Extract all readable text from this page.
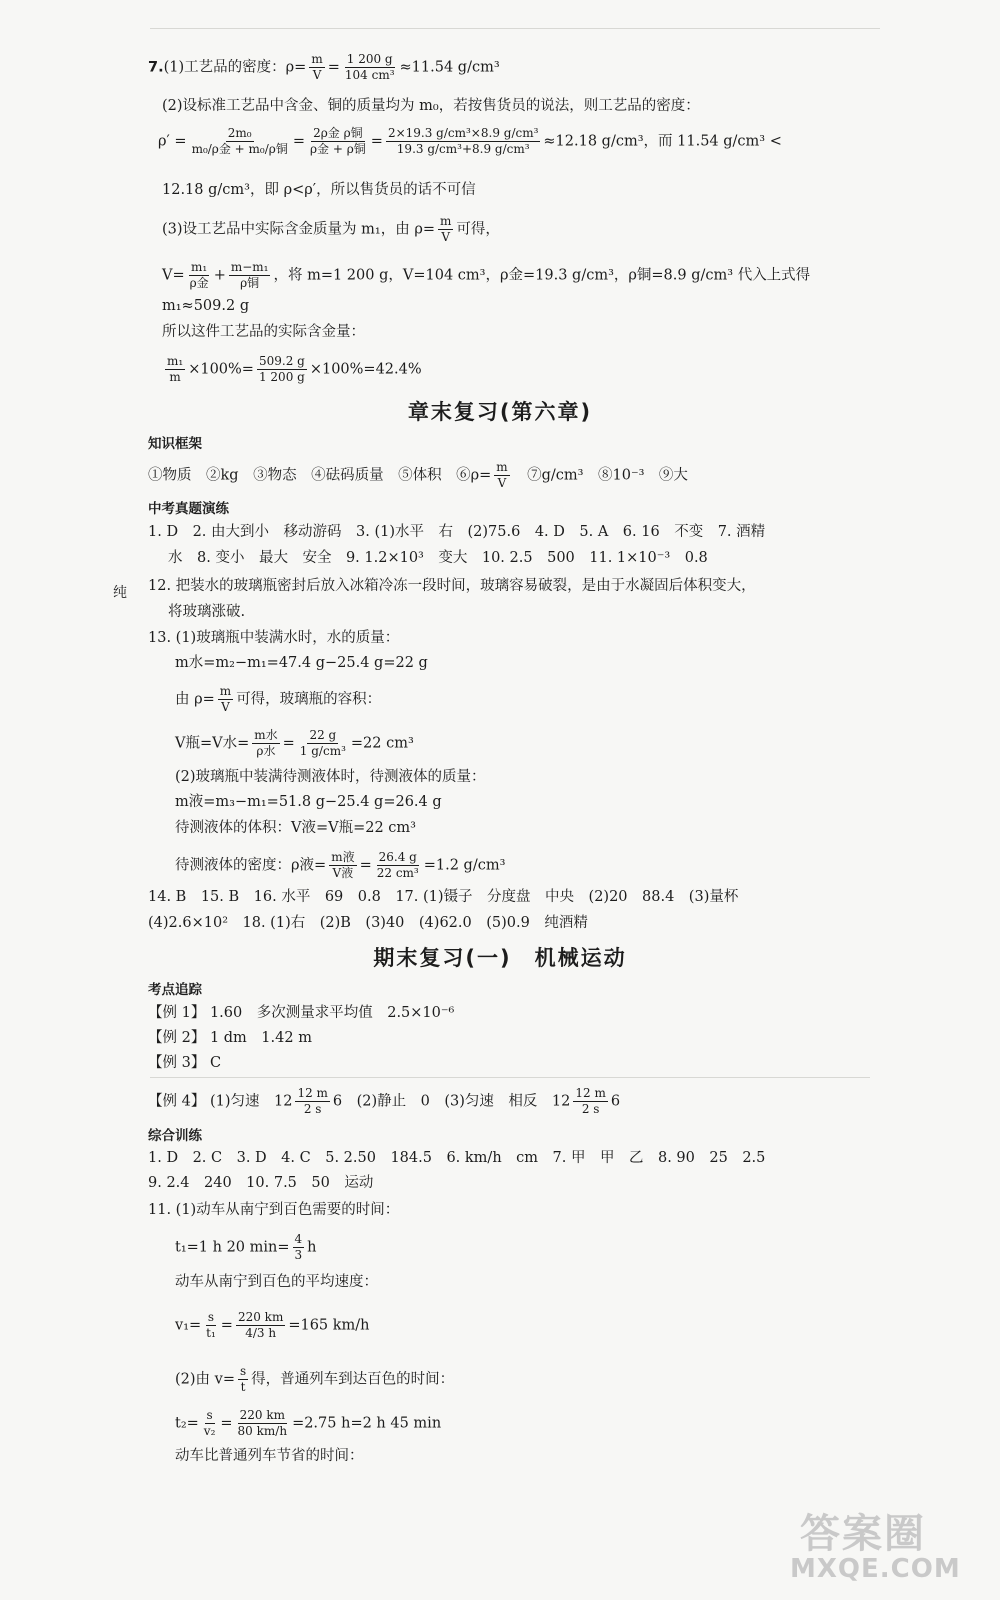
7.(1)工艺品的密度：$\rho= \frac{m}{V} = \frac{1 200 g}{\text{104 cm³}} \approx 11.54$ g/cm³
(2)设标准工艺品中含金、铜的质量均为 m₀，若按售货员的说法，则工艺品的密度：
$\rho' = \frac{\text{2m₀}}{\text{m₀/ρ金 + m₀/ρ铜}} = \frac{\text{2ρ金 ρ铜}}{\text{ρ金 + ρ铜}} = \frac{\text{2×19.3 g/cm³×8.9 g/cm³}}{\text{19.3 g/cm³+8.9 g/cm³}} \approx 12.18$ g/cm³，而 11.54 g/cm³ <
12.18 g/cm³，即 ρ<ρ′，所以售货员的话不可信
(3)设工艺品中实际含金质量为 m₁，由 $\rho= \frac{m}{V}$ 可得，
$V= \frac{\text{m₁}}{\text{ρ金}} + \frac{\text{m−m₁}}{\text{ρ铜}}$ ，将 m=1 200 g，V=104 cm³，ρ金=19.3 g/cm³，ρ铜=8.9 g/cm³ 代入上式得
m₁≈509.2 g
所以这件工艺品的实际含金量：
$\frac{\text{m₁}}{m} \times 100\%= \frac{509.2 g}{1 200 g} \times 100\%=42.4\%$
章末复习(第六章)
知识框架
①物质　②kg　③物态　④砝码质量　⑤体积　⑥ρ= $\frac{m}{V}$ 　⑦g/cm³　⑧10⁻³　⑨大
中考真题演练
1. D　2. 由大到小　移动游码　3. (1)水平　右　(2)75.6　4. D　5. A　6. 16　不变　7. 酒精
水　8. 变小　最大　安全　9. 1.2×10³　变大　10. 2.5　500　11. 1×10⁻³　0.8
纯 12. 把装水的玻璃瓶密封后放入冰箱冷冻一段时间，玻璃容易破裂，是由于水凝固后体积变大，
将玻璃涨破.
13. (1)玻璃瓶中装满水时，水的质量：
m水=m₂−m₁=47.4 g−25.4 g=22 g
由 $\rho= \frac{m}{V}$ 可得，玻璃瓶的容积：
V瓶=V水= $\frac{\text{m水}}{\text{ρ水}} = \frac{22 g}{\text{1 g/cm³}} =22$ cm³
(2)玻璃瓶中装满待测液体时，待测液体的质量：
m液=m₃−m₁=51.8 g−25.4 g=26.4 g
待测液体的体积：V液=V瓶=22 cm³
待测液体的密度：ρ液= $\frac{\text{m液}}{\text{V液}} = \frac{26.4 g}{\text{22 cm³}} =1.2$ g/cm³
14. B　15. B　16. 水平　69　0.8　17. (1)镊子　分度盘　中央　(2)20　88.4　(3)量杯
(4)2.6×10²　18. (1)右　(2)B　(3)40　(4)62.0　(5)0.9　纯酒精
期末复习(一)　机械运动
考点追踪
【例 1】 1.60　多次测量求平均值　2.5×10⁻⁶
【例 2】 1 dm　1.42 m
【例 3】 C
【例 4】 (1)匀速　$12 \frac{12 m}{2 s} 6$　(2)静止　0　(3)匀速　相反　$12 \frac{12 m}{2 s} 6$
综合训练
1. D　2. C　3. D　4. C　5. 2.50　184.5　6. km/h　cm　7. 甲　甲　乙　8. 90　25　2.5
9. 2.4　240　10. 7.5　50　运动
11. (1)动车从南宁到百色需要的时间：
t₁=1 h 20 $\min= \frac{4}{3}$ h
动车从南宁到百色的平均速度：
$v_1= \frac{s}{\text{t₁}} = \frac{220 km}{4/3 h} =165$ km/h
(2)由 $v= \frac{s}{t}$ 得，普通列车到达百色的时间：
$t_2= \frac{s}{\text{v₂}} = \frac{220 km}{80 km/h} =2.75$ h=2 h 45 min
动车比普通列车节省的时间：
答案圈
MXQE.COM
